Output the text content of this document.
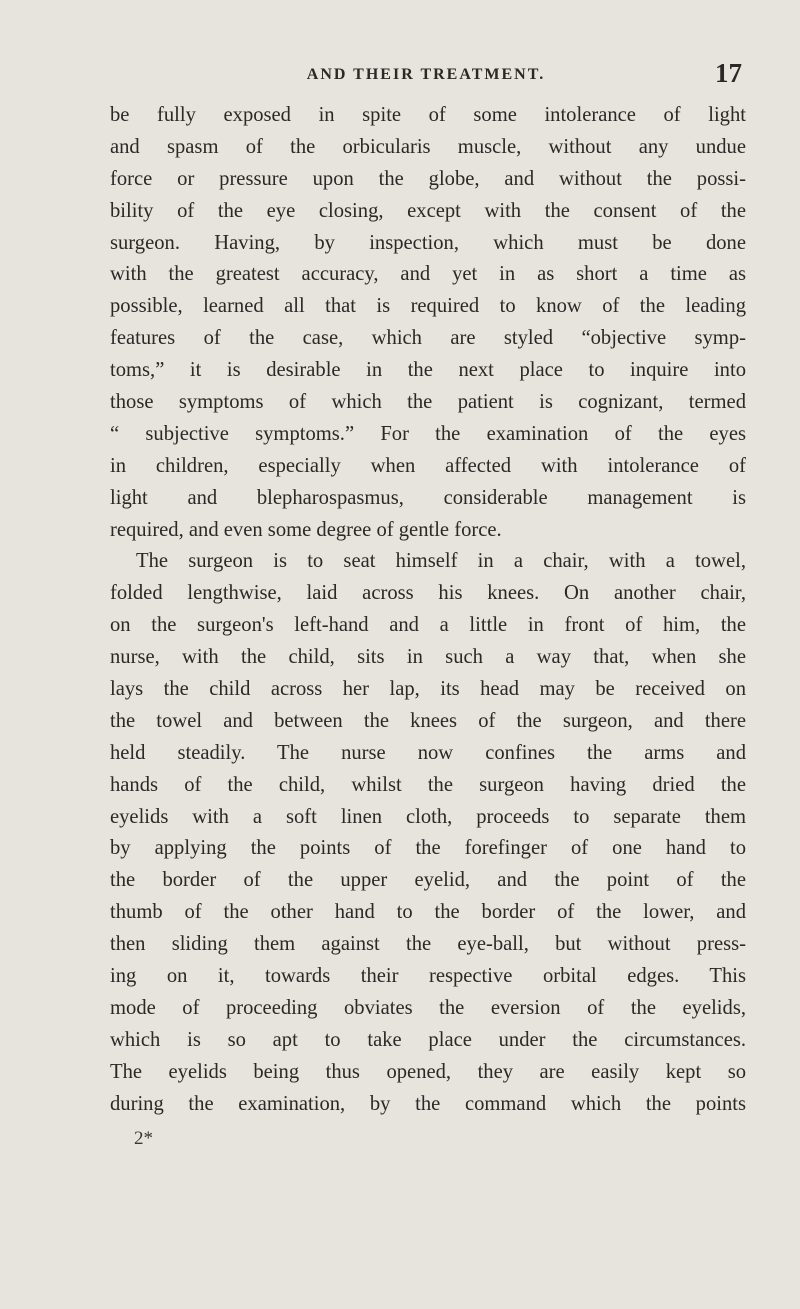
AND THEIR TREATMENT.	17
be fully exposed in spite of some intolerance of light
and spasm of the orbicularis muscle, without any undue
force or pressure upon the globe, and without the possi-
bility of the eye closing, except with the consent of the
surgeon. Having, by inspection, which must be done
with the greatest accuracy, and yet in as short a time as
possible, learned all that is required to know of the leading
features of the case, which are styled “objective symp-
toms,” it is desirable in the next place to inquire into
those symptoms of which the patient is cognizant, termed
“ subjective symptoms.” For the examination of the eyes
in children, especially when affected with intolerance of
light and blepharospasmus, considerable management is
required, and even some degree of gentle force.
The surgeon is to seat himself in a chair, with a towel,
folded lengthwise, laid across his knees. On another chair,
on the surgeon's left-hand and a little in front of him, the
nurse, with the child, sits in such a way that, when she
lays the child across her lap, its head may be received on
the towel and between the knees of the surgeon, and there
held steadily. The nurse now confines the arms and
hands of the child, whilst the surgeon having dried the
eyelids with a soft linen cloth, proceeds to separate them
by applying the points of the forefinger of one hand to
the border of the upper eyelid, and the point of the
thumb of the other hand to the border of the lower, and
then sliding them against the eye-ball, but without press-
ing on it, towards their respective orbital edges. This
mode of proceeding obviates the eversion of the eyelids,
which is so apt to take place under the circumstances.
The eyelids being thus opened, they are easily kept so
during the examination, by the command which the points
2*
